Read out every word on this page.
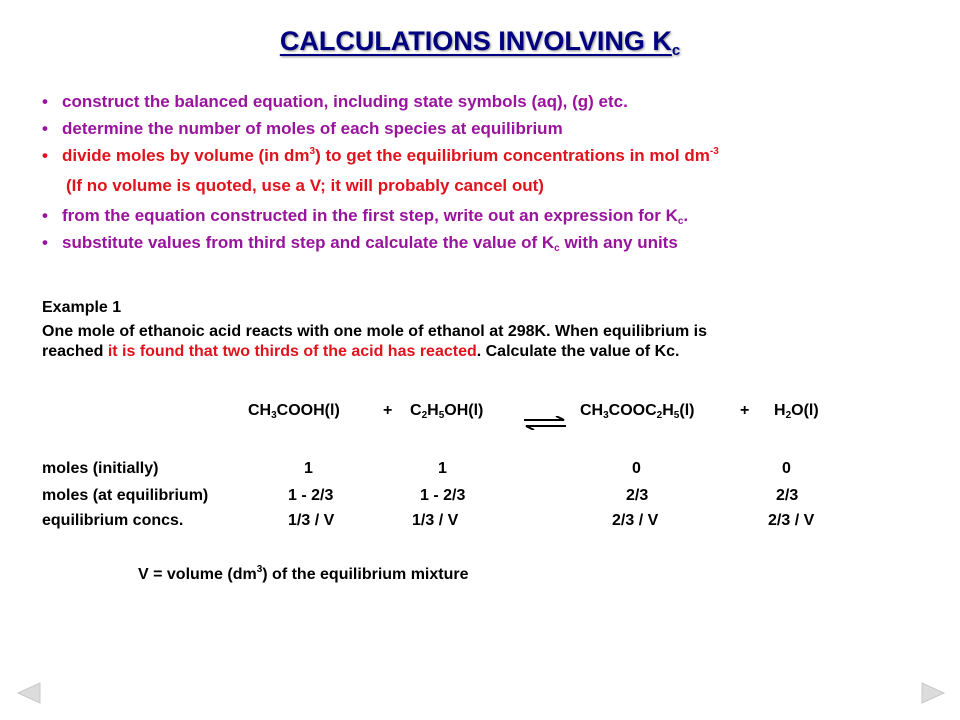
CALCULATIONS INVOLVING $K_c$
• construct the balanced equation, including state symbols (aq), (g) etc.
• determine the number of moles of each species at equilibrium
• divide moles by volume (in $dm^3$) to get the equilibrium concentrations in mol $dm^{-3}$
(If no volume is quoted, use a V; it will probably cancel out)
• from the equation constructed in the first step, write out an expression for $K_c$.
• substitute values from third step and calculate the value of $K_c$ with any units
Example 1
One mole of ethanoic acid reacts with one mole of ethanol at 298K. When equilibrium is
reached it is found that two thirds of the acid has reacted. Calculate the value of Kc.
$CH_3COOH(l)$	+ $C_2H_5OH(l)$	$CH_3COOC_2H_5(l)$	+ $H_2O(l)$
moles (initially)	1	1	0	0
moles (at equilibrium)	1 - 2/3	1 - 2/3	2/3	2/3
equilibrium concs.	1/3 / V	1/3 / V	2/3 / V	2/3 / V
V = volume $(dm^3)$ of the equilibrium mixture
